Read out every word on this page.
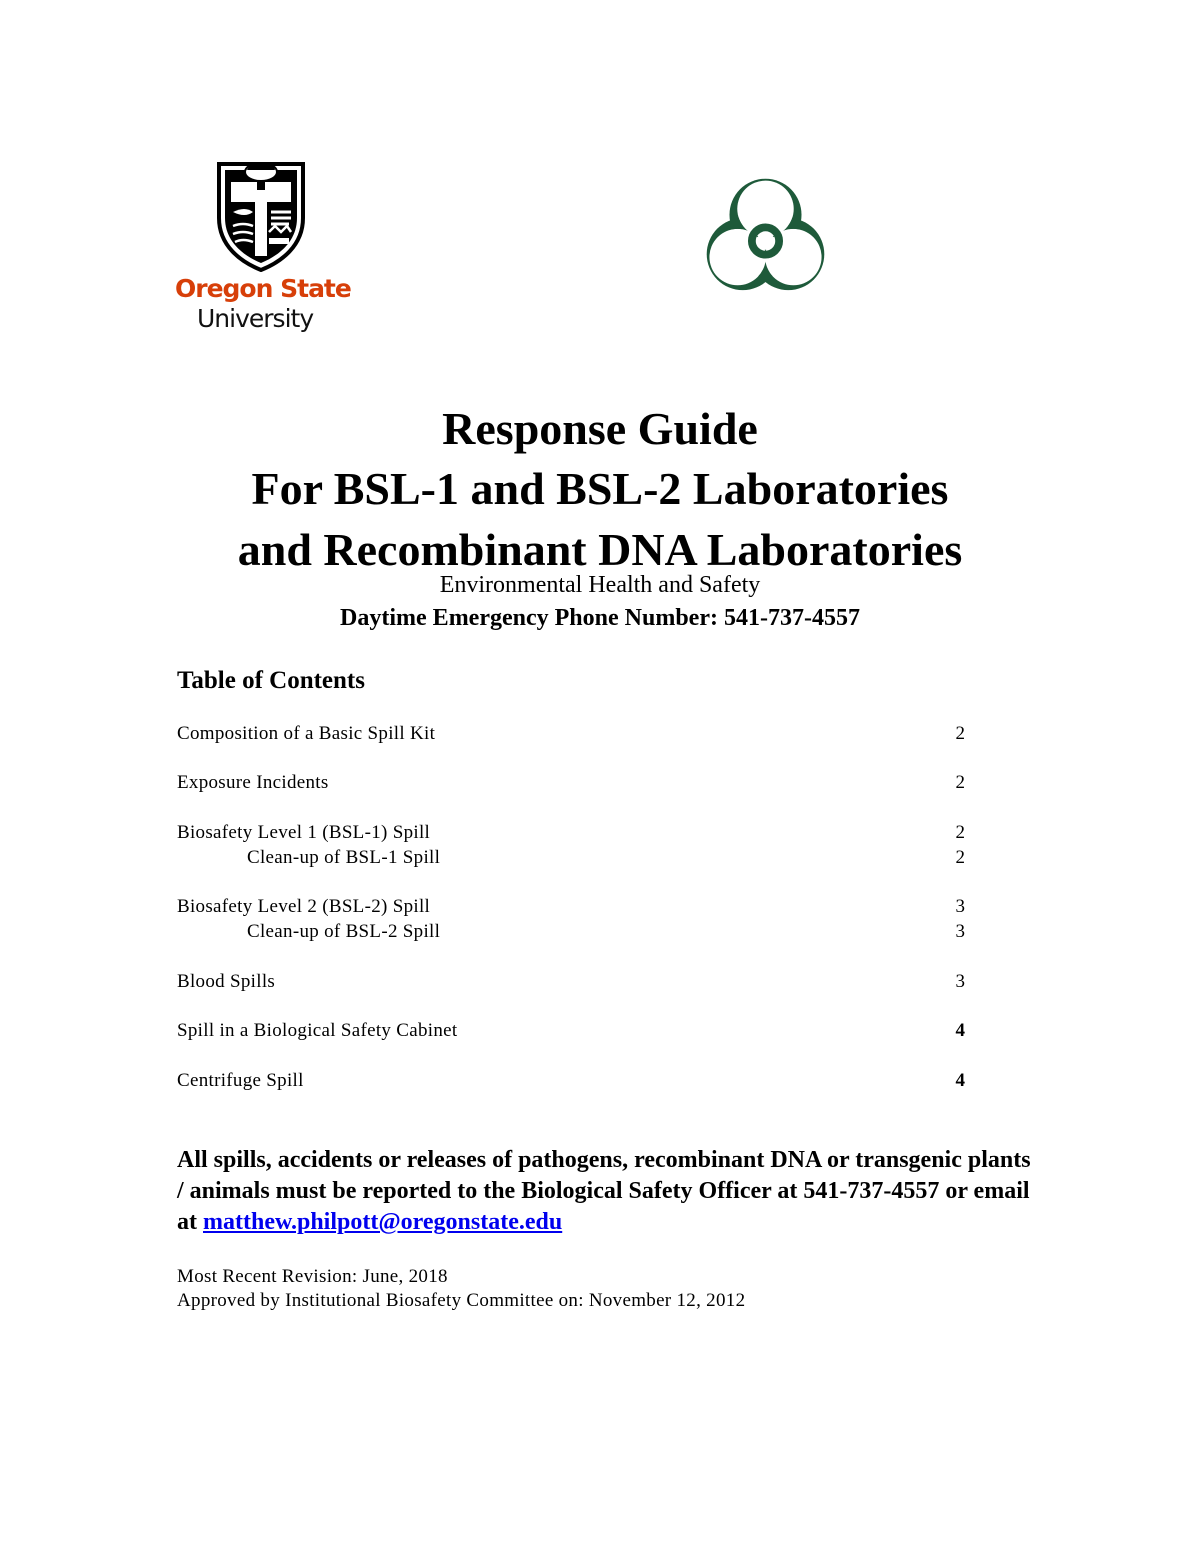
Oregon State
University
Response Guide
For BSL-1 and BSL-2 Laboratories
and Recombinant DNA Laboratories
Environmental Health and Safety
Daytime Emergency Phone Number: 541-737-4557
Table of Contents
Composition of a Basic Spill Kit	2
Exposure Incidents	2
Biosafety Level 1 (BSL-1) Spill	2
Clean-up of BSL-1 Spill	2
Biosafety Level 2 (BSL-2) Spill	3
Clean-up of BSL-2 Spill	3
Blood Spills	3
Spill in a Biological Safety Cabinet	4
Centrifuge Spill	4
All spills, accidents or releases of pathogens, recombinant DNA or transgenic plants / animals must be reported to the Biological Safety Officer at 541-737-4557 or email at matthew.philpott@oregonstate.edu
Most Recent Revision: June, 2018
Approved by Institutional Biosafety Committee on: November 12, 2012
